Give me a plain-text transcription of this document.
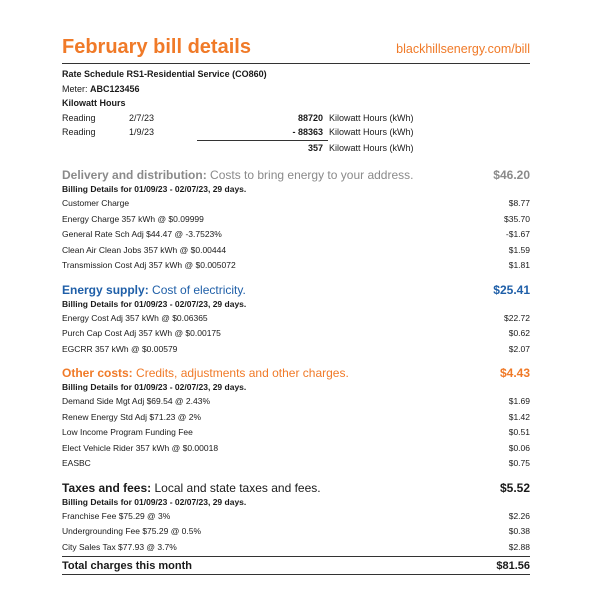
February bill details	blackhillsenergy.com/bill
Rate Schedule RS1-Residential Service (CO860)
Meter: ABC123456
Kilowatt Hours
Reading	2/7/23	88720 Kilowatt Hours (kWh)
Reading	1/9/23	- 88363 Kilowatt Hours (kWh)
357 Kilowatt Hours (kWh)
Delivery and distribution: Costs to bring energy to your address.	$46.20
Billing Details for 01/09/23 - 02/07/23, 29 days.
Customer Charge	$8.77
Energy Charge 357 kWh @ $0.09999	$35.70
General Rate Sch Adj $44.47 @ -3.7523%	-$1.67
Clean Air Clean Jobs 357 kWh @ $0.00444	$1.59
Transmission Cost Adj 357 kWh @ $0.005072	$1.81
Energy supply: Cost of electricity.	$25.41
Billing Details for 01/09/23 - 02/07/23, 29 days.
Energy Cost Adj 357 kWh @ $0.06365	$22.72
Purch Cap Cost Adj 357 kWh @ $0.00175	$0.62
EGCRR 357 kWh @ $0.00579	$2.07
Other costs: Credits, adjustments and other charges.	$4.43
Billing Details for 01/09/23 - 02/07/23, 29 days.
Demand Side Mgt Adj $69.54 @ 2.43%	$1.69
Renew Energy Std Adj $71.23 @ 2%	$1.42
Low Income Program Funding Fee	$0.51
Elect Vehicle Rider 357 kWh @ $0.00018	$0.06
EASBC	$0.75
Taxes and fees: Local and state taxes and fees.	$5.52
Billing Details for 01/09/23 - 02/07/23, 29 days.
Franchise Fee $75.29 @ 3%	$2.26
Undergrounding Fee $75.29 @ 0.5%	$0.38
City Sales Tax $77.93 @ 3.7%	$2.88
Total charges this month	$81.56
